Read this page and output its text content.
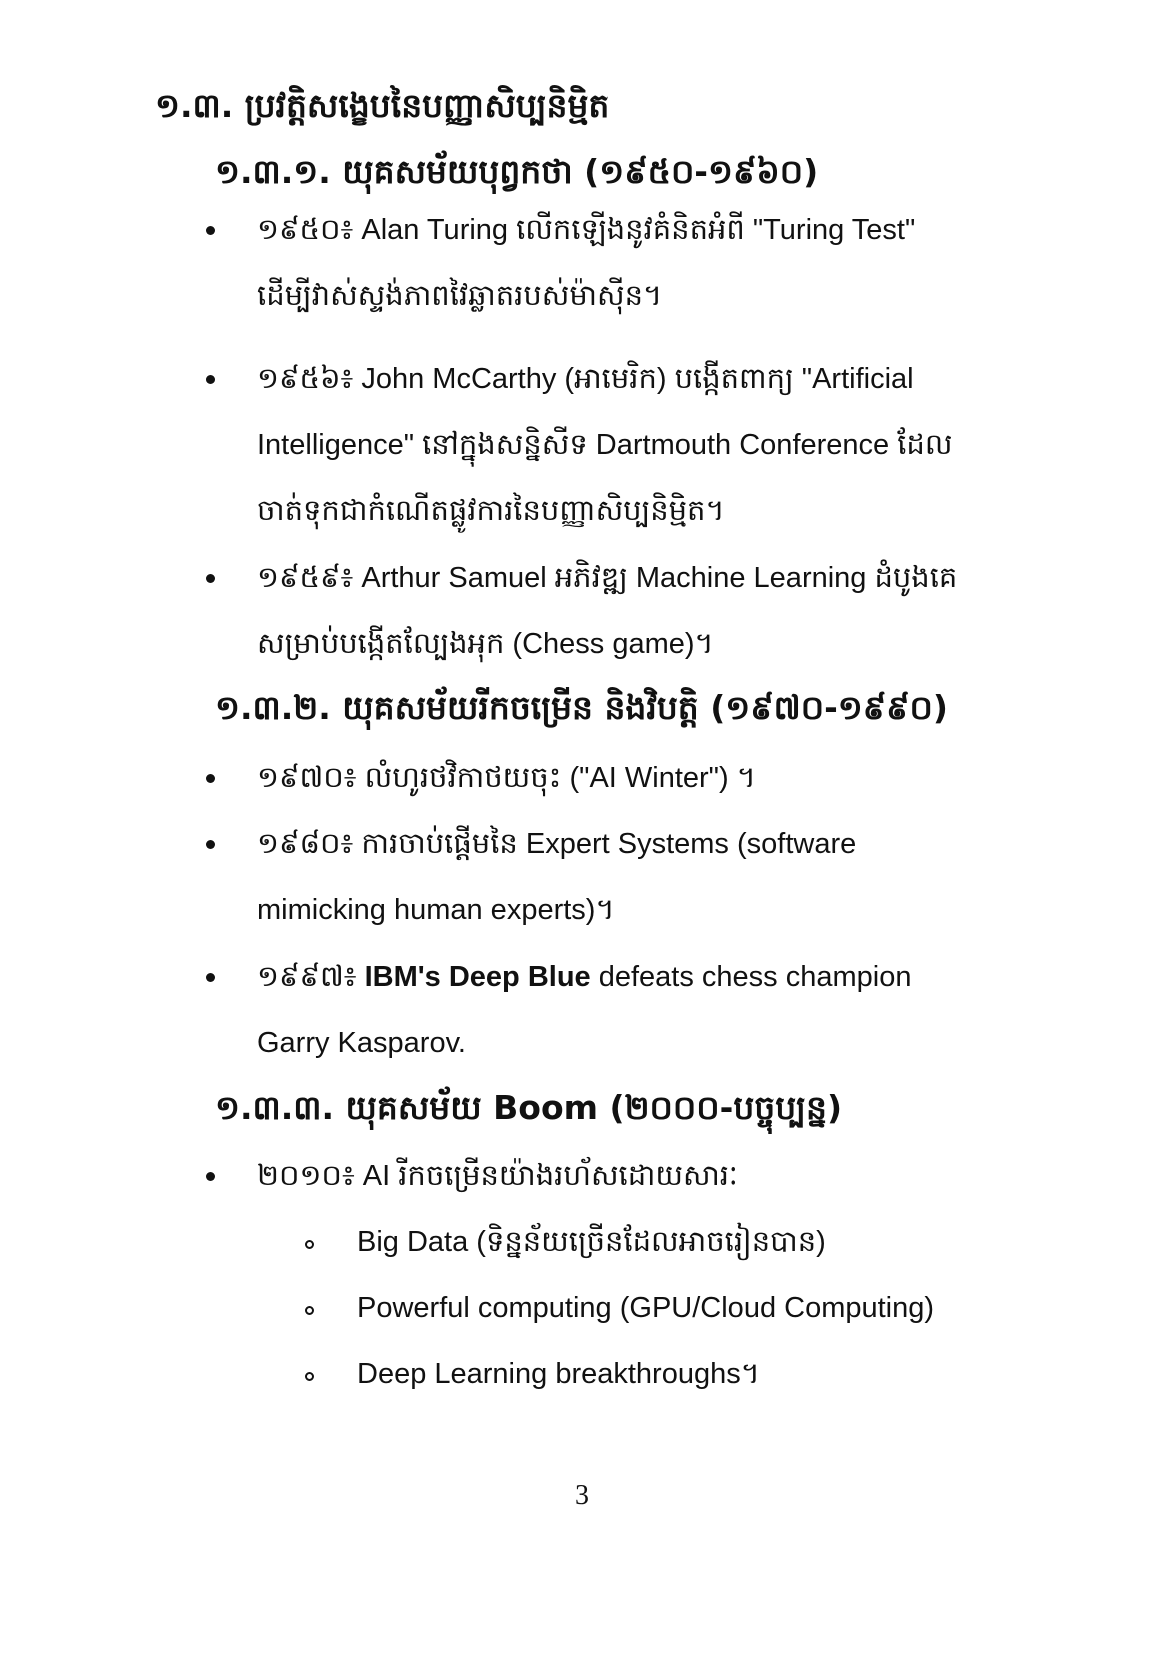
១.៣. ប្រវត្តិសង្ខេបនៃបញ្ញាសិប្បនិម្មិត
១.៣.១. យុគសម័យបុព្វកថា (១៩៥០-១៩៦០)
១៩៥០៖ Alan Turing លើកឡើងនូវគំនិតអំពី "Turing Test"
ដើម្បីវាស់ស្ទង់ភាពវៃឆ្លាតរបស់ម៉ាស៊ីន។
១៩៥៦៖ John McCarthy (អាមេរិក) បង្កើតពាក្យ "Artificial
Intelligence" នៅក្នុងសន្និសីទ Dartmouth Conference ដែល
ចាត់ទុកជាកំណើតផ្លូវការនៃបញ្ញាសិប្បនិម្មិត។
១៩៥៩៖ Arthur Samuel អភិវឌ្ឍ Machine Learning ដំបូងគេ
សម្រាប់បង្កើតល្បែងអុក (Chess game)។
១.៣.២. យុគសម័យរីកចម្រើន និងវិបត្តិ (១៩៧០-១៩៩០)
១៩៧០៖ លំហូរថវិកាថយចុះ ("AI Winter") ។
១៩៨០៖ ការចាប់ផ្តើមនៃ Expert Systems (software
mimicking human experts)។
១៩៩៧៖ IBM's Deep Blue defeats chess champion
Garry Kasparov.
១.៣.៣. យុគសម័យ Boom (២០០០-បច្ចុប្បន្ន)
២០១០៖ AI រីកចម្រើនយ៉ាងរហ័សដោយសារៈ
Big Data (ទិន្នន័យច្រើនដែលអាចរៀនបាន)
Powerful computing (GPU/Cloud Computing)
Deep Learning breakthroughs។
3
